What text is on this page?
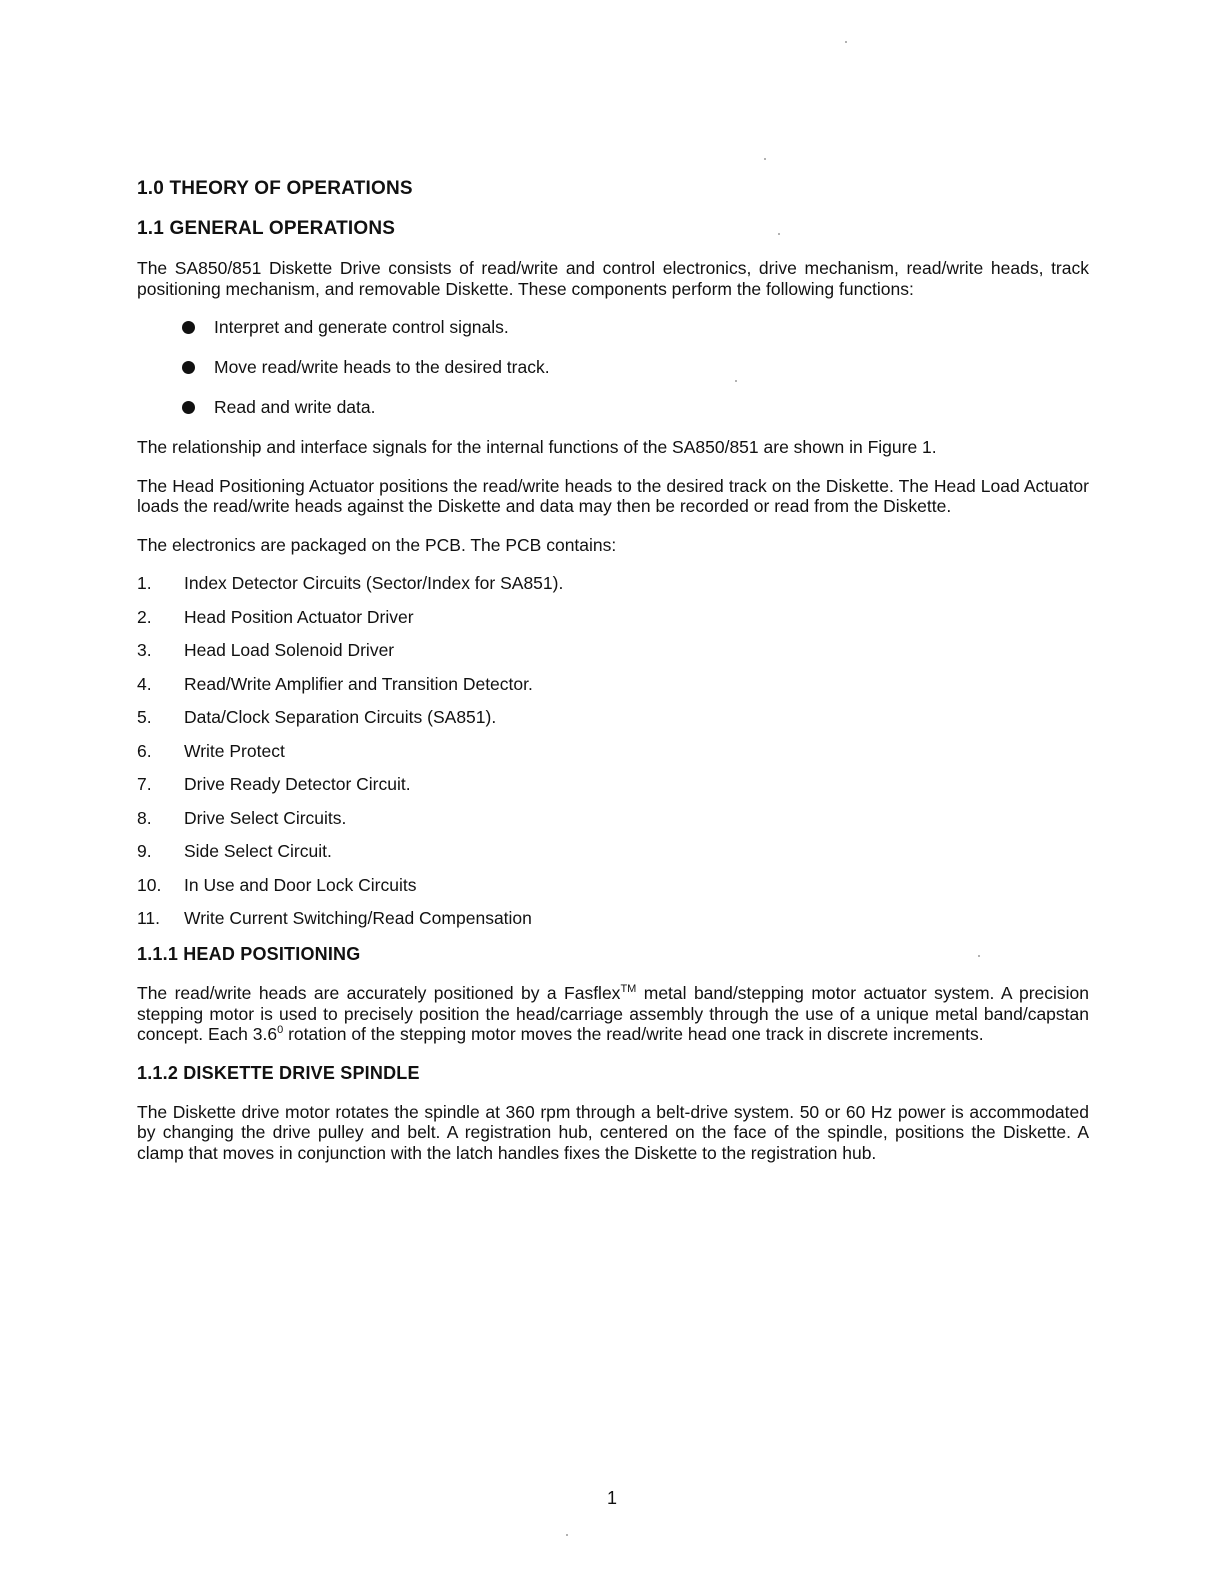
1.0 THEORY OF OPERATIONS
1.1 GENERAL OPERATIONS

The SA850/851 Diskette Drive consists of read/write and control electronics, drive mechanism, read/write heads, track positioning mechanism, and removable Diskette. These components perform the following functions:

Interpret and generate control signals.
Move read/write heads to the desired track.
Read and write data.

The relationship and interface signals for the internal functions of the SA850/851 are shown in Figure 1.

The Head Positioning Actuator positions the read/write heads to the desired track on the Diskette. The Head Load Actuator loads the read/write heads against the Diskette and data may then be recorded or read from the Diskette.

The electronics are packaged on the PCB. The PCB contains:

1.	Index Detector Circuits (Sector/Index for SA851).
2.	Head Position Actuator Driver
3.	Head Load Solenoid Driver
4.	Read/Write Amplifier and Transition Detector.
5.	Data/Clock Separation Circuits (SA851).
6.	Write Protect
7.	Drive Ready Detector Circuit.
8.	Drive Select Circuits.
9.	Side Select Circuit.
10.	In Use and Door Lock Circuits
11.	Write Current Switching/Read Compensation
1.1.1 HEAD POSITIONING

The read/write heads are accurately positioned by a Fasflex™ metal band/stepping motor actuator system. A precision stepping motor is used to precisely position the head/carriage assembly through the use of a unique metal band/capstan concept. Each $3.6^0$ rotation of the stepping motor moves the read/write head one track in discrete increments.

1.1.2 DISKETTE DRIVE SPINDLE

The Diskette drive motor rotates the spindle at 360 rpm through a belt-drive system. 50 or 60 Hz power is accommodated by changing the drive pulley and belt. A registration hub, centered on the face of the spindle, positions the Diskette. A clamp that moves in conjunction with the latch handles fixes the Diskette to the registration hub.

1
